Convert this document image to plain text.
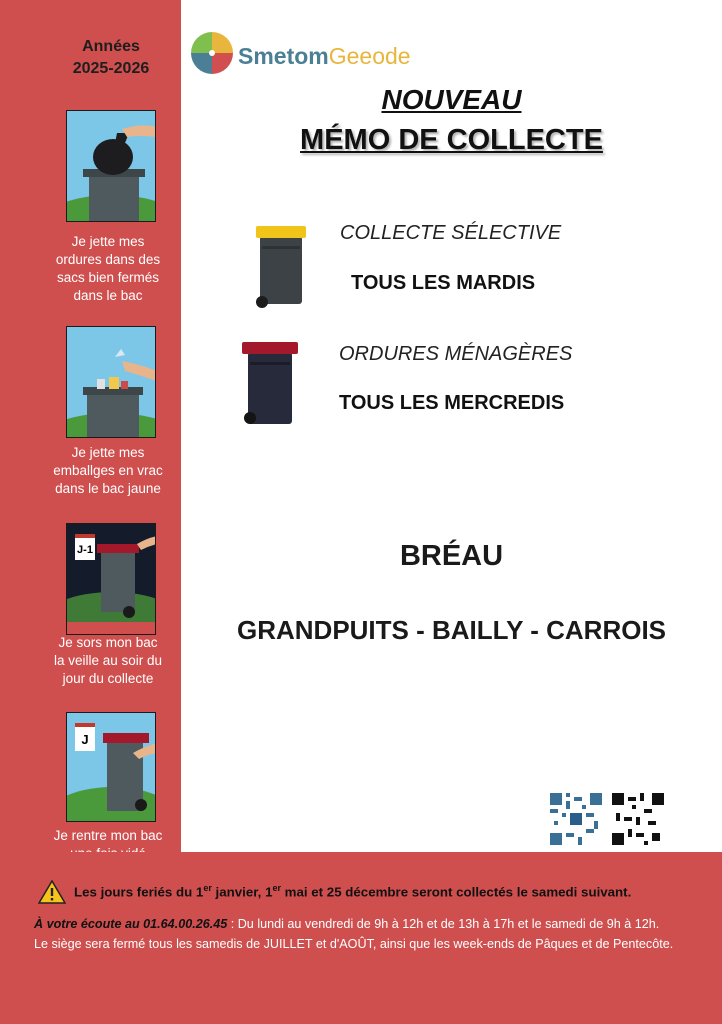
Années
2025-2026
Je jette mes
ordures dans des
sacs bien fermés
dans le bac
Je jette mes
emballges en vrac
dans le bac jaune
J-1
Je sors mon bac
la veille au soir du
jour du collecte
J
Je rentre mon bac
SmetomGeeode
NOUVEAU
MÉMO DE COLLECTE
COLLECTE SÉLECTIVE
TOUS LES MARDIS
ORDURES MÉNAGÈRES
TOUS LES MERCREDIS
BRÉAU
GRANDPUITS - BAILLY - CARROIS
Les jours feriés du 1er janvier, 1er mai et 25 décembre seront collectés le samedi suivant.
À votre écoute au 01.64.00.26.45 : Du lundi au vendredi de 9h à 12h et de 13h à 17h et le samedi de 9h à 12h.
Le siège sera fermé tous les samedis de JUILLET et d'AOÛT, ainsi que les week-ends de Pâques et de Pentecôte.
